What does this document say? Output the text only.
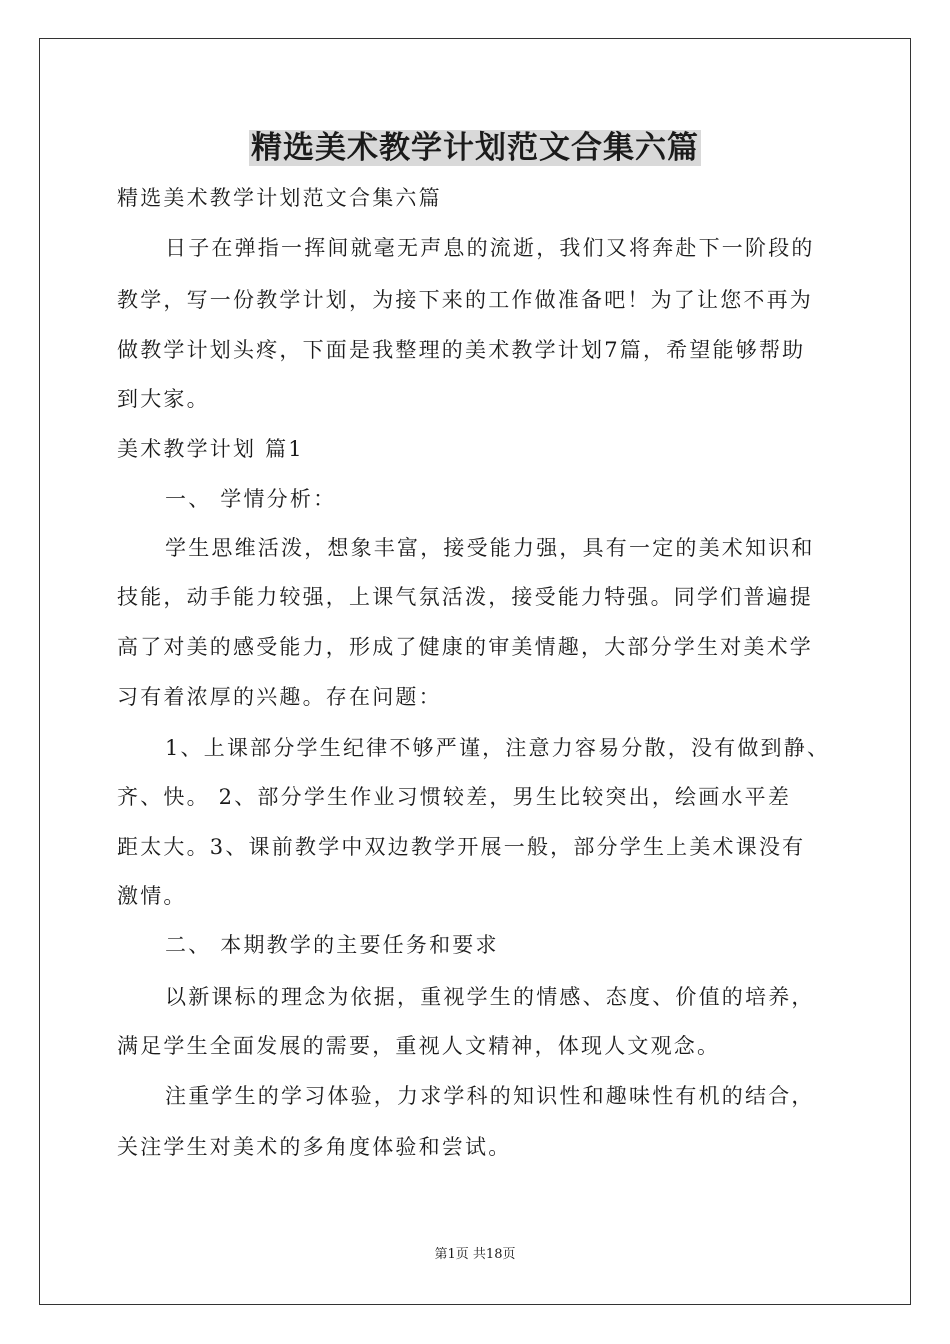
精选美术教学计划范文合集六篇
精选美术教学计划范文合集六篇
日子在弹指一挥间就毫无声息的流逝，我们又将奔赴下一阶段的
教学，写一份教学计划，为接下来的工作做准备吧！为了让您不再为
做教学计划头疼，下面是我整理的美术教学计划7篇，希望能够帮助
到大家。
美术教学计划 篇1
一、 学情分析：
学生思维活泼，想象丰富，接受能力强，具有一定的美术知识和
技能，动手能力较强，上课气氛活泼，接受能力特强。同学们普遍提
高了对美的感受能力，形成了健康的审美情趣，大部分学生对美术学
习有着浓厚的兴趣。存在问题：
1、上课部分学生纪律不够严谨，注意力容易分散，没有做到静、
齐、快。 2、部分学生作业习惯较差，男生比较突出，绘画水平差
距太大。3、课前教学中双边教学开展一般，部分学生上美术课没有
激情。
二、 本期教学的主要任务和要求
以新课标的理念为依据，重视学生的情感、态度、价值的培养，
满足学生全面发展的需要，重视人文精神，体现人文观念。
注重学生的学习体验，力求学科的知识性和趣味性有机的结合，
关注学生对美术的多角度体验和尝试。
第1页 共18页
